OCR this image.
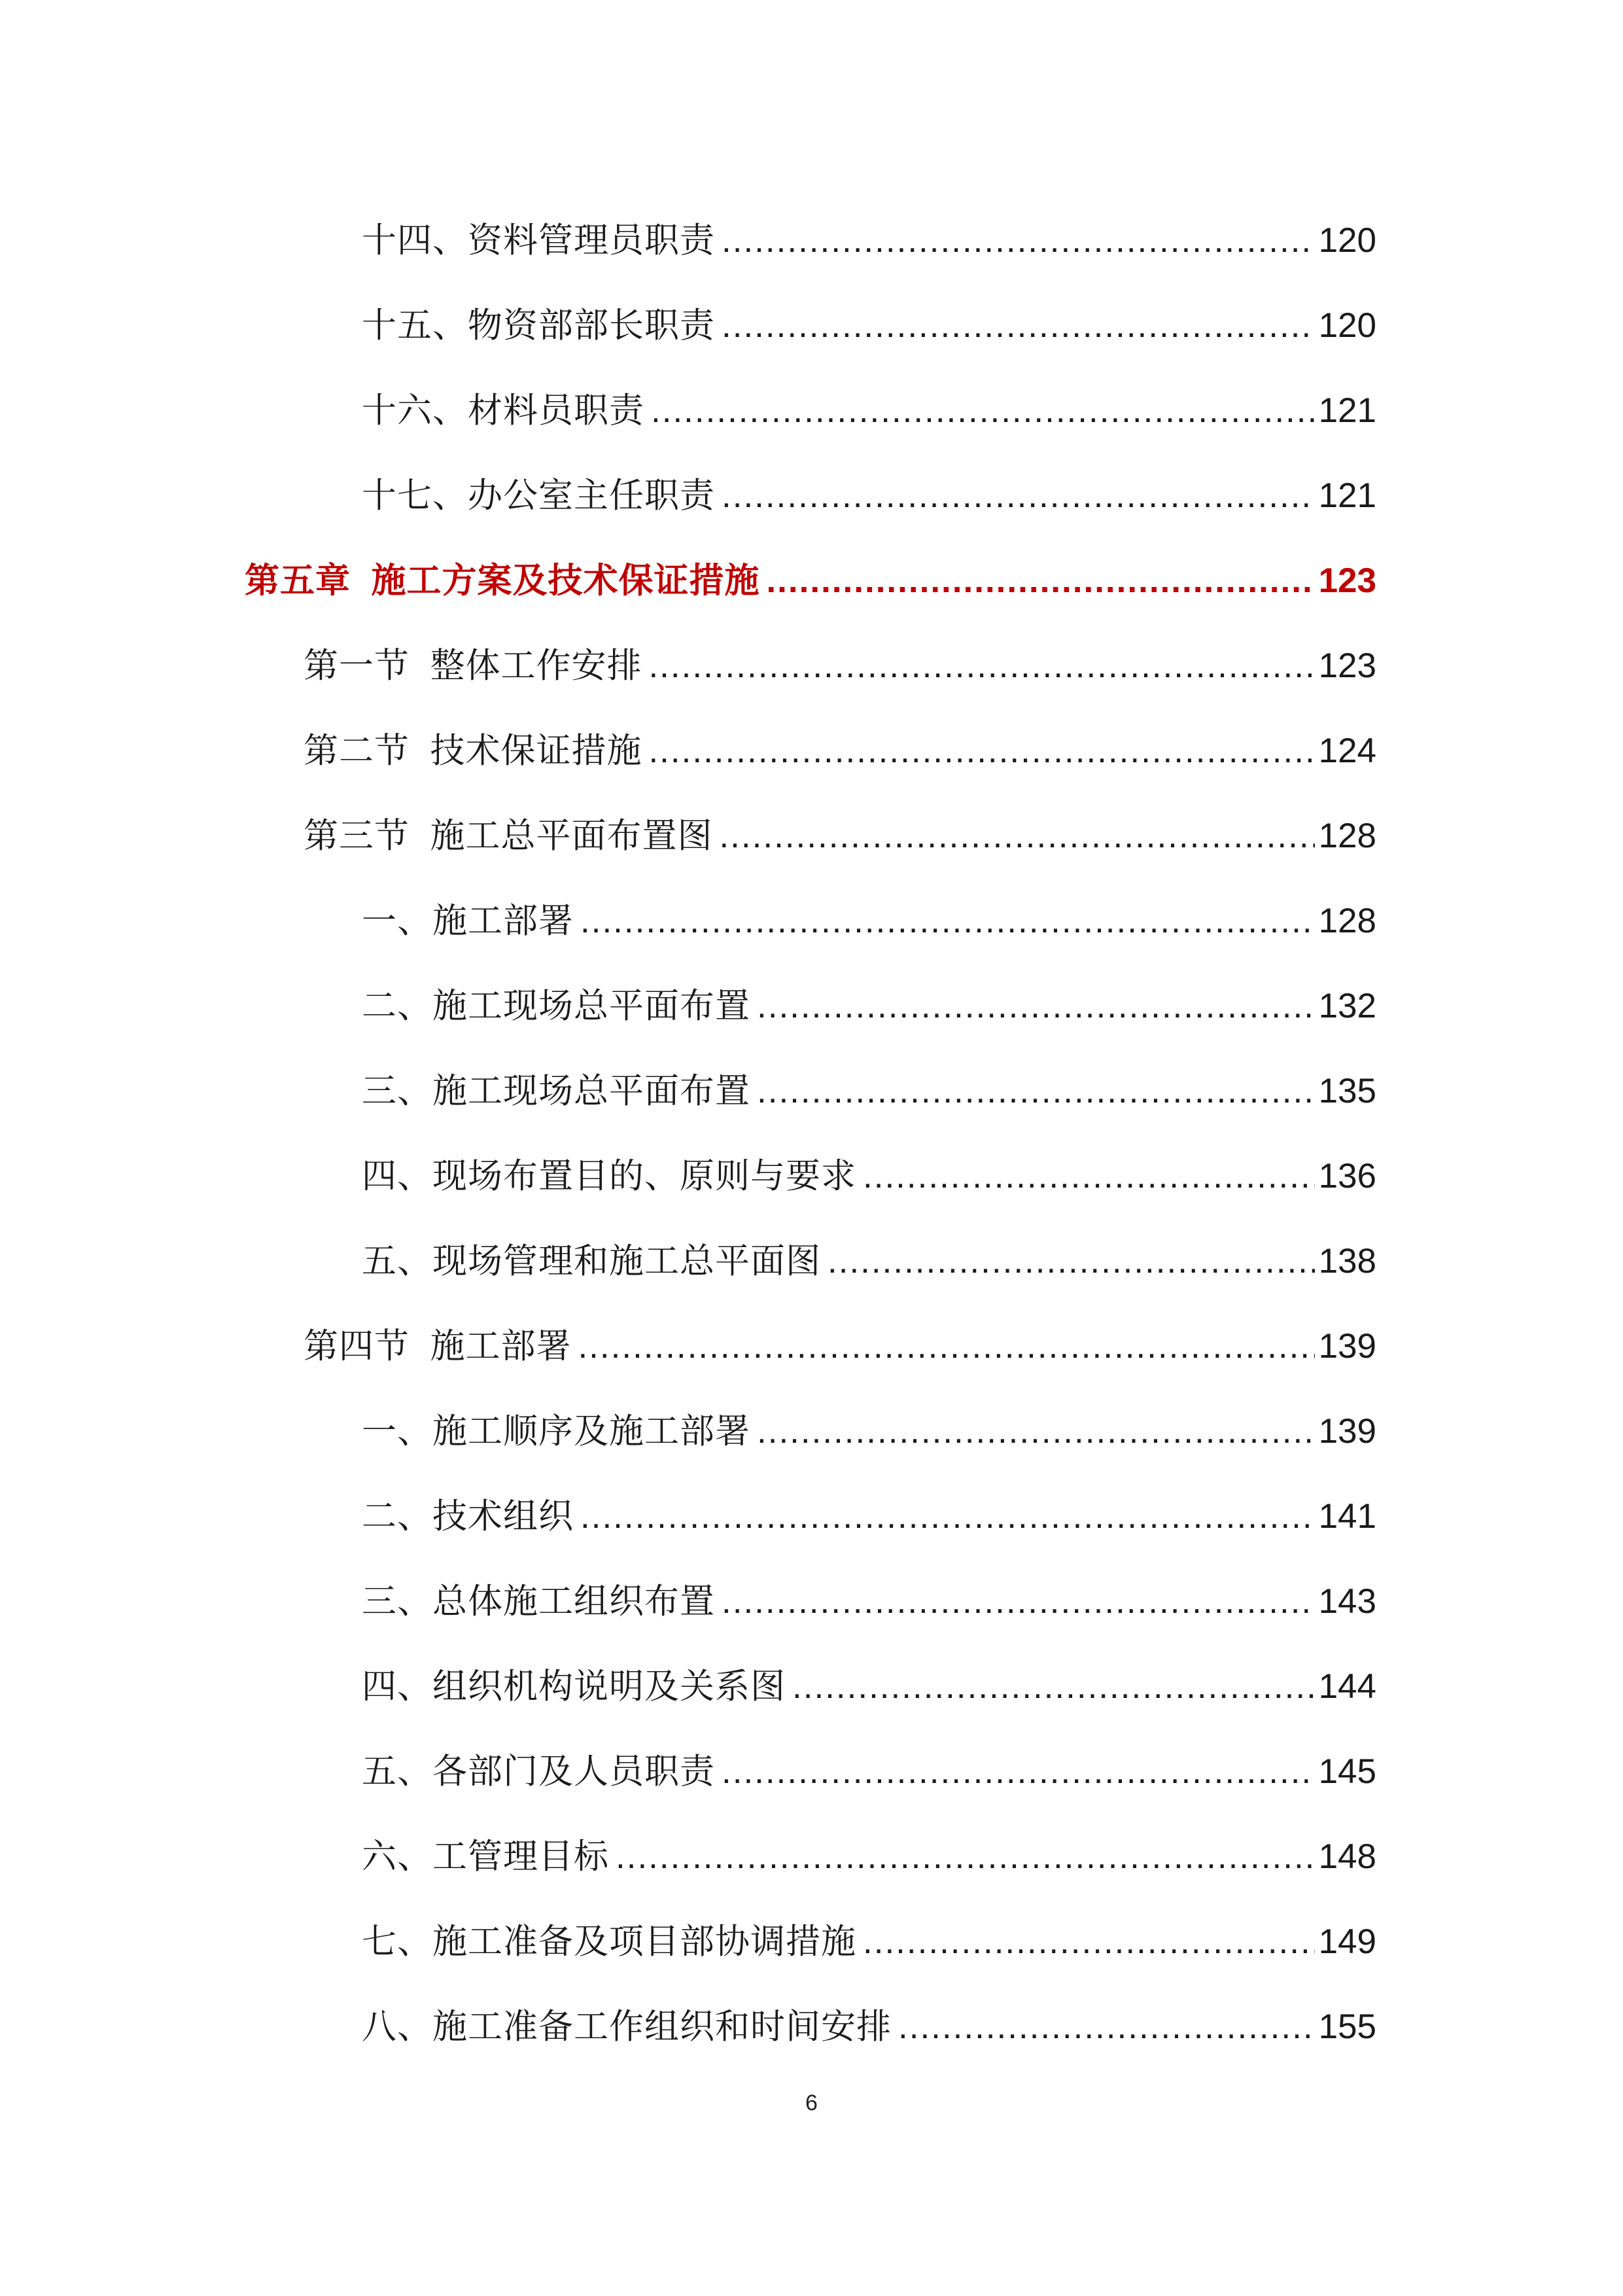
十四、资料管理员职责 .....	120
十五、物资部部长职责 .....	120
十六、材料员职责 .....	121
十七、办公室主任职责 .....	121
第五章  施工方案及技术保证措施 .....	123
第一节  整体工作安排 .....	123
第二节  技术保证措施 .....	124
第三节  施工总平面布置图 .....	128
一、施工部署 .....	128
二、施工现场总平面布置 .....	132
三、施工现场总平面布置 .....	135
四、现场布置目的、原则与要求 .....	136
五、现场管理和施工总平面图 .....	138
第四节  施工部署 .....	139
一、施工顺序及施工部署 .....	139
二、技术组织 .....	141
三、总体施工组织布置 .....	143
四、组织机构说明及关系图 .....	144
五、各部门及人员职责 .....	145
六、工管理目标 .....	148
七、施工准备及项目部协调措施 .....	149
八、施工准备工作组织和时间安排 .....	155
6
